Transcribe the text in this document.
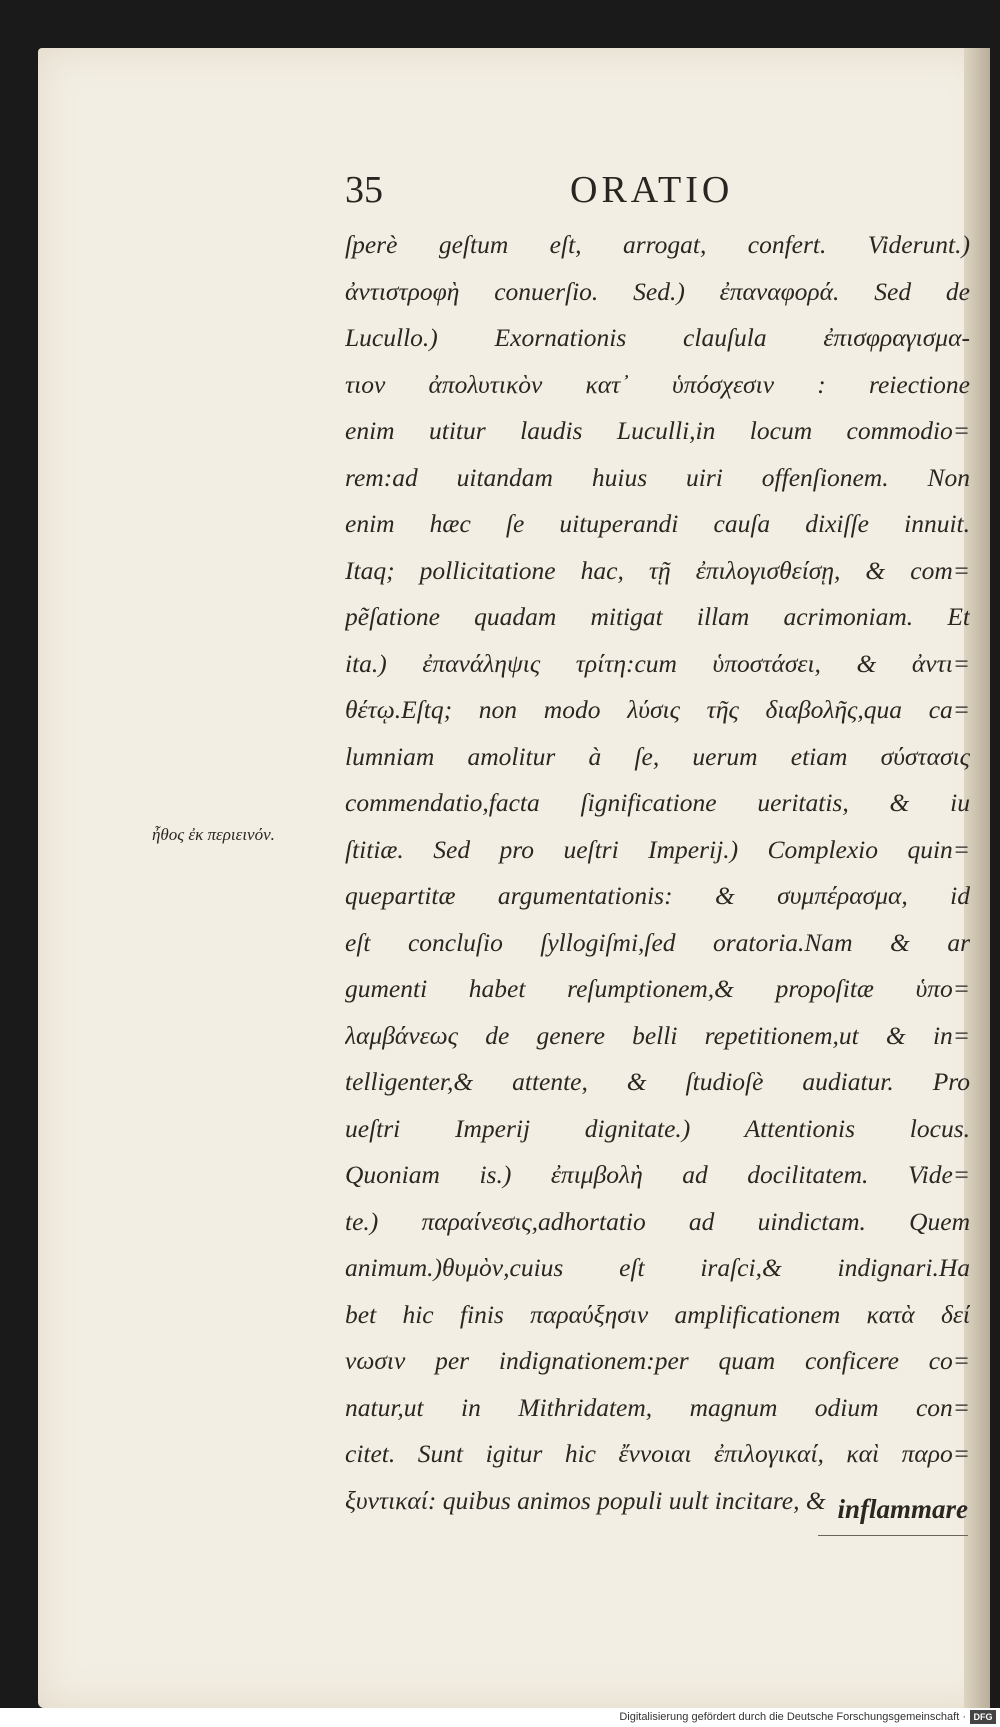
35	ORATIO
ἦθος ἐκ περιεινόν.
ſperè geſtum eſt, arrogat, confert. Viderunt.)
ἀντιστροφὴ conuerſio. Sed.) ἐπαναφορά. Sed de
Lucullo.) Exornationis clauſula ἐπισφραγισμα-
τιον ἀπολυτικὸν κατ᾽ ὑπόσχεσιν : reiectione
enim utitur laudis Luculli,in locum commodio=
rem:ad uitandam huius uiri offenſionem. Non
enim hæc ſe uituperandi cauſa dixiſſe innuit.
Itaq; pollicitatione hac, τῇ ἐπιλογισθείσῃ, & com=
pẽſatione quadam mitigat illam acrimoniam. Et
ita.) ἐπανάληψις τρίτη:cum ὑποστάσει, & ἀντι=
θέτῳ.Eſtq; non modo λύσις τῆς διαβολῆς,qua ca=
lumniam amolitur à ſe, uerum etiam σύστασις
commendatio,facta ſignificatione ueritatis, & iu
ſtitiæ. Sed pro ueſtri Imperij.) Complexio quin=
quepartitæ argumentationis: & συμπέρασμα, id
eſt concluſio ſyllogiſmi,ſed oratoria.Nam & ar
gumenti habet reſumptionem,& propoſitæ ὑπο=
λαμβάνεως de genere belli repetitionem,ut & in=
telligenter,& attente, & ſtudioſè audiatur. Pro
ueſtri Imperij dignitate.) Attentionis locus.
Quoniam is.) ἐπιμβολὴ ad docilitatem. Vide=
te.) παραίνεσις,adhortatio ad uindictam. Quem
animum.)θυμὸν,cuius eſt iraſci,& indignari.Ha
bet hic finis παραύξησιν amplificationem κατὰ δεί
νωσιν per indignationem:per quam conficere co=
natur,ut in Mithridatem, magnum odium con=
citet. Sunt igitur hic ἔννοιαι ἐπιλογικαί, καὶ παρο=
ξυντικαί: quibus animos populi uult incitare, & inflammare
Digitalisierung gefördert durch die Deutsche Forschungsgemeinschaft · DFG
